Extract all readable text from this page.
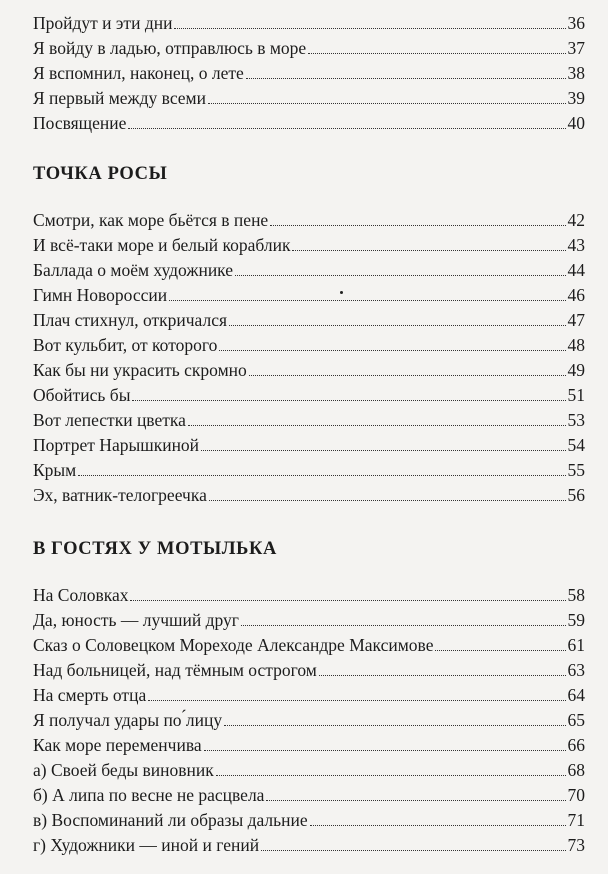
Пройдут и эти дни	36
Я войду в ладью, отправлюсь в море	37
Я вспомнил, наконец, о лете	38
Я первый между всеми	39
Посвящение	40
ТОЧКА РОСЫ
Смотри, как море бьётся в пене	42
И всё-таки море и белый кораблик	43
Баллада о моём художнике	44
Гимн Новороссии	46
Плач стихнул, откричался	47
Вот кульбит, от которого	48
Как бы ни украсить скромно	49
Обойтись бы	51
Вот лепестки цветка	53
Портрет Нарышкиной	54
Крым	55
Эх, ватник-телогреечка	56
В ГОСТЯХ У МОТЫЛЬКА
На Соловках	58
Да, юность — лучший друг	59
Сказ о Соловецком Мореходе Александре Максимове	61
Над больницей, над тёмным острогом	63
На смерть отца	64
Я получал удары по ́лицу	65
Как море переменчива	66
а) Своей беды виновник	68
б) А липа по весне не расцвела	70
в) Воспоминаний ли образы дальние	71
г) Художники — иной и гений	73
